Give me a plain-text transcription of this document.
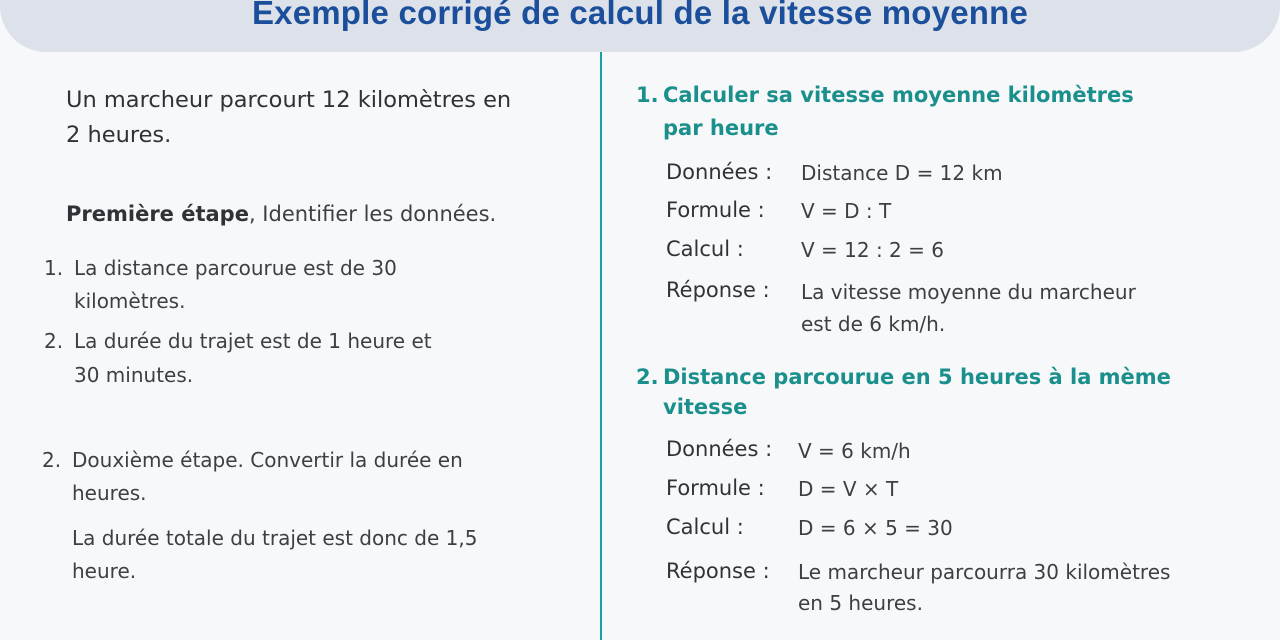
Exemple corrigé de calcul de la vitesse moyenne
Un marcheur parcourt 12 kilomètres en
2 heures.
Première étape, Identifier les données.
1. La distance parcourue est de 30
kilomètres.
2. La durée du trajet est de 1 heure et
30 minutes.
2. Douxième étape. Convertir la durée en
heures.
La durée totale du trajet est donc de 1,5
heure.
1. Calculer sa vitesse moyenne kilomètres
par heure
Données : Distance D = 12 km
Formule : V = D : T
Calcul :	V = 12 : 2 = 6
Réponse : La vitesse moyenne du marcheur
est de 6 km/h.
2. Distance parcourue en 5 heures à la mème
vitesse
Données : V = 6 km/h
Formule : D = V × T
Calcul :	D = 6 × 5 = 30
Réponse : Le marcheur parcourra 30 kilomètres
en 5 heures.
